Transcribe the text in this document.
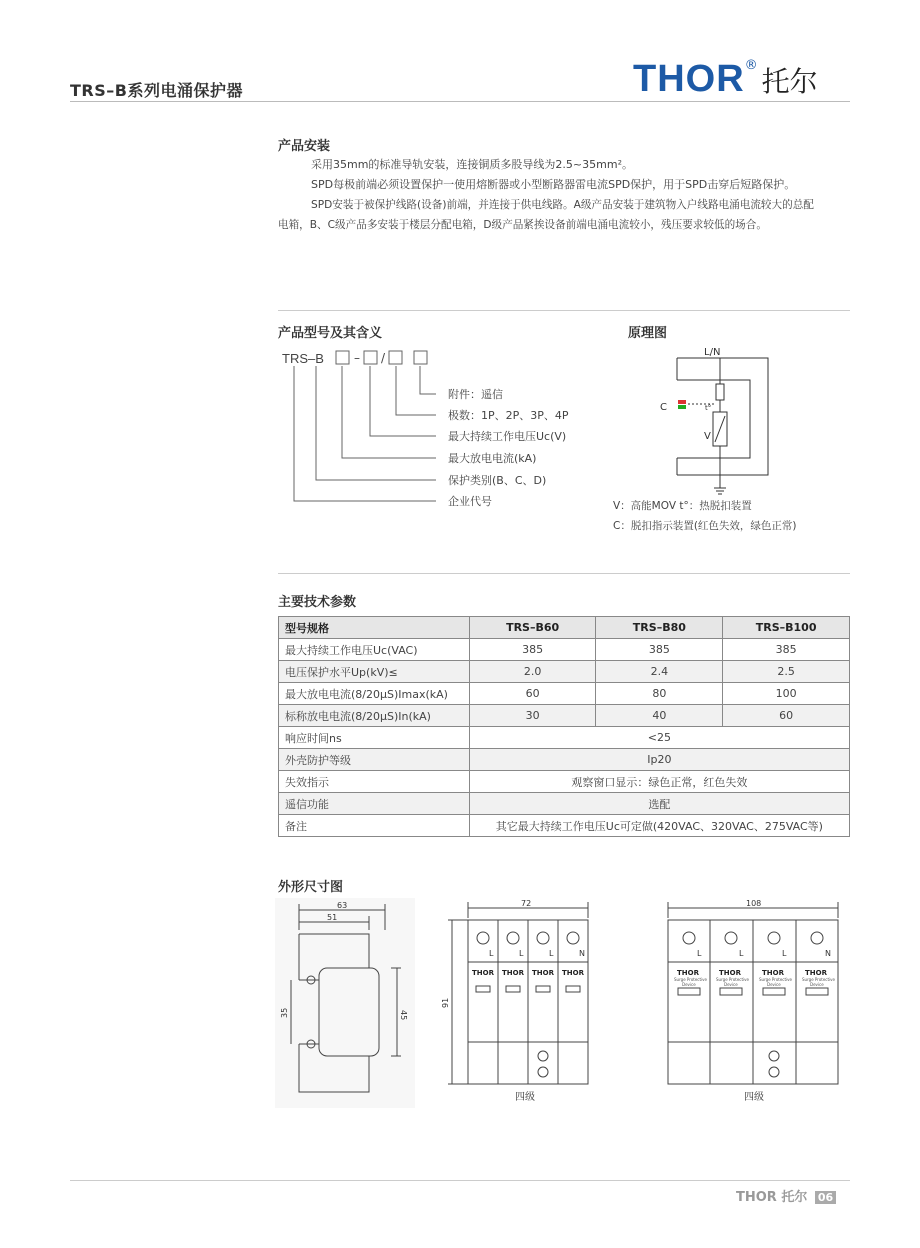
TRS–B系列电涌保护器	THOR® 托尔
产品安装
采用35mm的标准导轨安装，连接铜质多股导线为2.5~35mm²。
SPD每极前端必须设置保护一使用熔断器或小型断路器雷电流SPD保护，用于SPD击穿后短路保护。
SPD安装于被保护线路(设备)前端，并连接于供电线路。A级产品安装于建筑物入户线路电涌电流较大的总配
电箱，B、C级产品多安装于楼层分配电箱，D级产品紧挨设备前端电涌电流较小，残压要求较低的场合。
产品型号及其含义
TRS–B	– /
附件：遥信
极数：1P、2P、3P、4P
最大持续工作电压Uc(V)
最大放电电流(kA)
保护类别(B、C、D)
企业代号
原理图
L/N
C	t°
V
V：高能MOV t°：热脱扣装置
C：脱扣指示装置(红色失效，绿色正常)
主要技术参数
型号规格	TRS–B60	TRS–B80	TRS–B100
最大持续工作电压Uc(VAC)	385	385	385
电压保护水平Up(kV)≤	2.0	2.4	2.5
最大放电电流(8/20μS)Imax(kA)	60	80	100
标称放电电流(8/20μS)In(kA)	30	40	60
响应时间ns	<25		
外壳防护等级	Ip20		
失效指示	观察窗口显示：绿色正常，红色失效		
遥信功能	选配		
备注	其它最大持续工作电压Uc可定做(420VAC、320VAC、275VAC等)		
外形尺寸图
63
51
35	45
72
91
L	L	L	N
THOR THOR THOR THOR
四级
108
L	L	L	N
THOR	THOR	THOR	THOR
Surge Protective Surge Protective Surge Protective Surge Protective
Device	Device	Device	Device
四级
THOR 托尔 06
